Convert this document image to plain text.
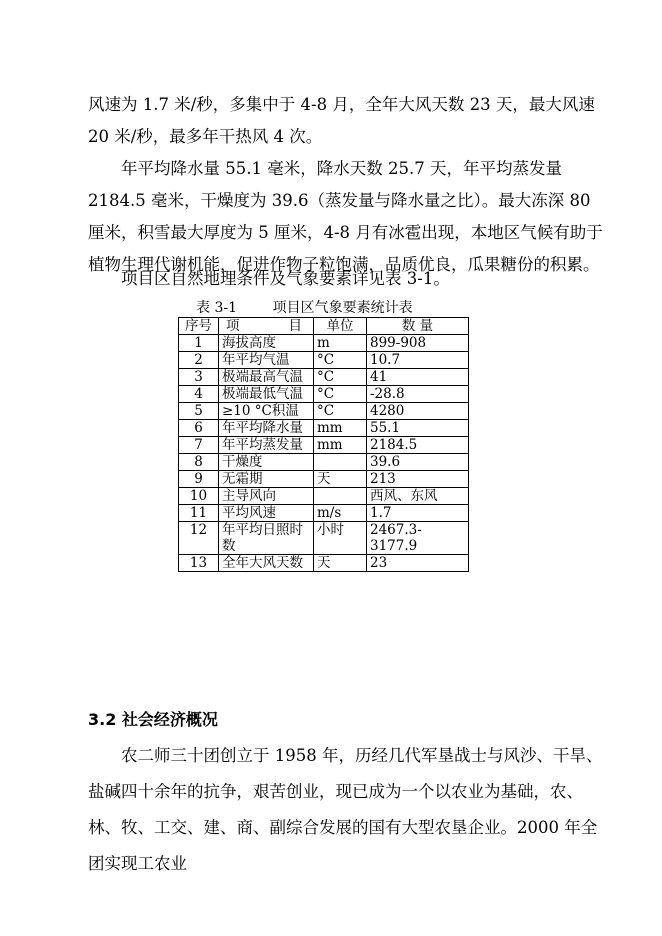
风速为 1.7 米/秒，多集中于 4-8 月，全年大风天数 23 天，最大风速 20 米/秒，最多年干热风 4 次。

年平均降水量 55.1 毫米，降水天数 25.7 天，年平均蒸发量 2184.5 毫米，干燥度为 39.6（蒸发量与降水量之比）。最大冻深 80 厘米，积雪最大厚度为 5 厘米，4-8 月有冰雹出现，本地区气候有助于植物生理代谢机能，促进作物子粒饱满，品质优良，瓜果糖份的积累。

项目区自然地理条件及气象要素详见表 3-1。

表 3-1        项目区气象要素统计表
序号	项 目	单位	数 量
1	海拔高度	m	899-908
2	年平均气温	°C	10.7
3	极端最高气温	°C	41
4	极端最低气温	°C	-28.8
5	≥10 °C积温	°C	4280
6	年平均降水量	mm	55.1
7	年平均蒸发量	mm	2184.5
8	干燥度		39.6
9	无霜期	天	213
10	主导风向		西风、东风
11	平均风速	m/s	1.7
12	年平均日照时数	小时	2467.3-3177.9
13	全年大风天数	天	23
3.2 社会经济概况

农二师三十团创立于 1958 年，历经几代军垦战士与风沙、干旱、盐碱四十余年的抗争，艰苦创业，现已成为一个以农业为基础，农、林、牧、工交、建、商、副综合发展的国有大型农垦企业。2000 年全团实现工农业
